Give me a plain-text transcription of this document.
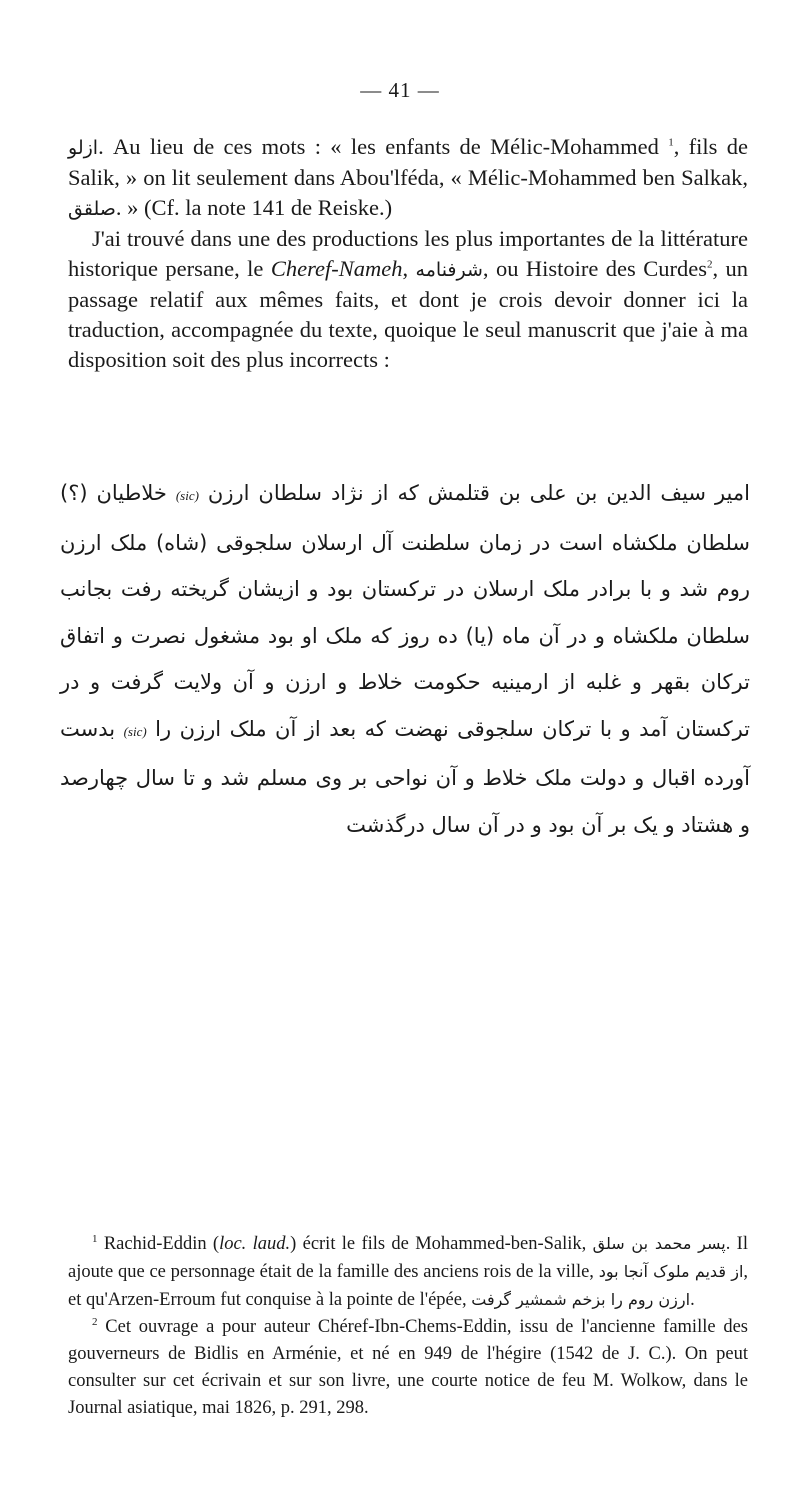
— 41 —

ازلو. Au lieu de ces mots : « les enfants de Mélic-Mohammed $^1$, fils de Salik, » on lit seulement dans Abou'lféda, « Mélic-Mohammed ben Salkak, صلقق. » (Cf. la note 141 de Reiske.)

J'ai trouvé dans une des productions les plus importantes de la littérature historique persane, le Cheref-Nameh, شرفنامه, ou Histoire des Curdes$^2$, un passage relatif aux mêmes faits, et dont je crois devoir donner ici la traduction, accompagnée du texte, quoique le seul manuscrit que j'aie à ma disposition soit des plus incorrects :

امیر سیف الدین بن علی بن قتلمش که از نژاد سلطان ارزن (sic) خلاطیان (؟) سلطان ملکشاه است در زمان سلطنت آل ارسلان سلجوقی (شاه) ملک ارزن روم شد و با برادر ملک ارسلان در ترکستان بود و ازیشان گریخته رفت بجانب سلطان ملکشاه و در آن ماه (یا) ده روز که ملک او بود مشغول نصرت و اتفاق ترکان بقهر و غلبه از ارمینیه حکومت خلاط و ارزن و آن ولایت گرفت و در ترکستان آمد و با ترکان سلجوقی نهضت که بعد از آن ملک ارزن را (sic) بدست آورده اقبال و دولت ملک خلاط و آن نواحی بر وی مسلم شد و تا سال چهارصد و هشتاد و یک بر آن بود و در آن سال درگذشت

$^1$ Rachid-Eddin (loc. laud.) écrit le fils de Mohammed-ben-Salik, پسر محمد بن سلق. Il ajoute que ce personnage était de la famille des anciens rois de la ville, از قدیم ملوک آنجا بود, et qu'Arzen-Erroum fut conquise à la pointe de l'épée, ارزن روم را بزخم شمشیر گرفت.

$^2$ Cet ouvrage a pour auteur Chéref-Ibn-Chems-Eddin, issu de l'ancienne famille des gouverneurs de Bidlis en Arménie, et né en 949 de l'hégire (1542 de J. C.). On peut consulter sur cet écrivain et sur son livre, une courte notice de feu M. Wolkow, dans le Journal asiatique, mai 1826, p. 291, 298.
